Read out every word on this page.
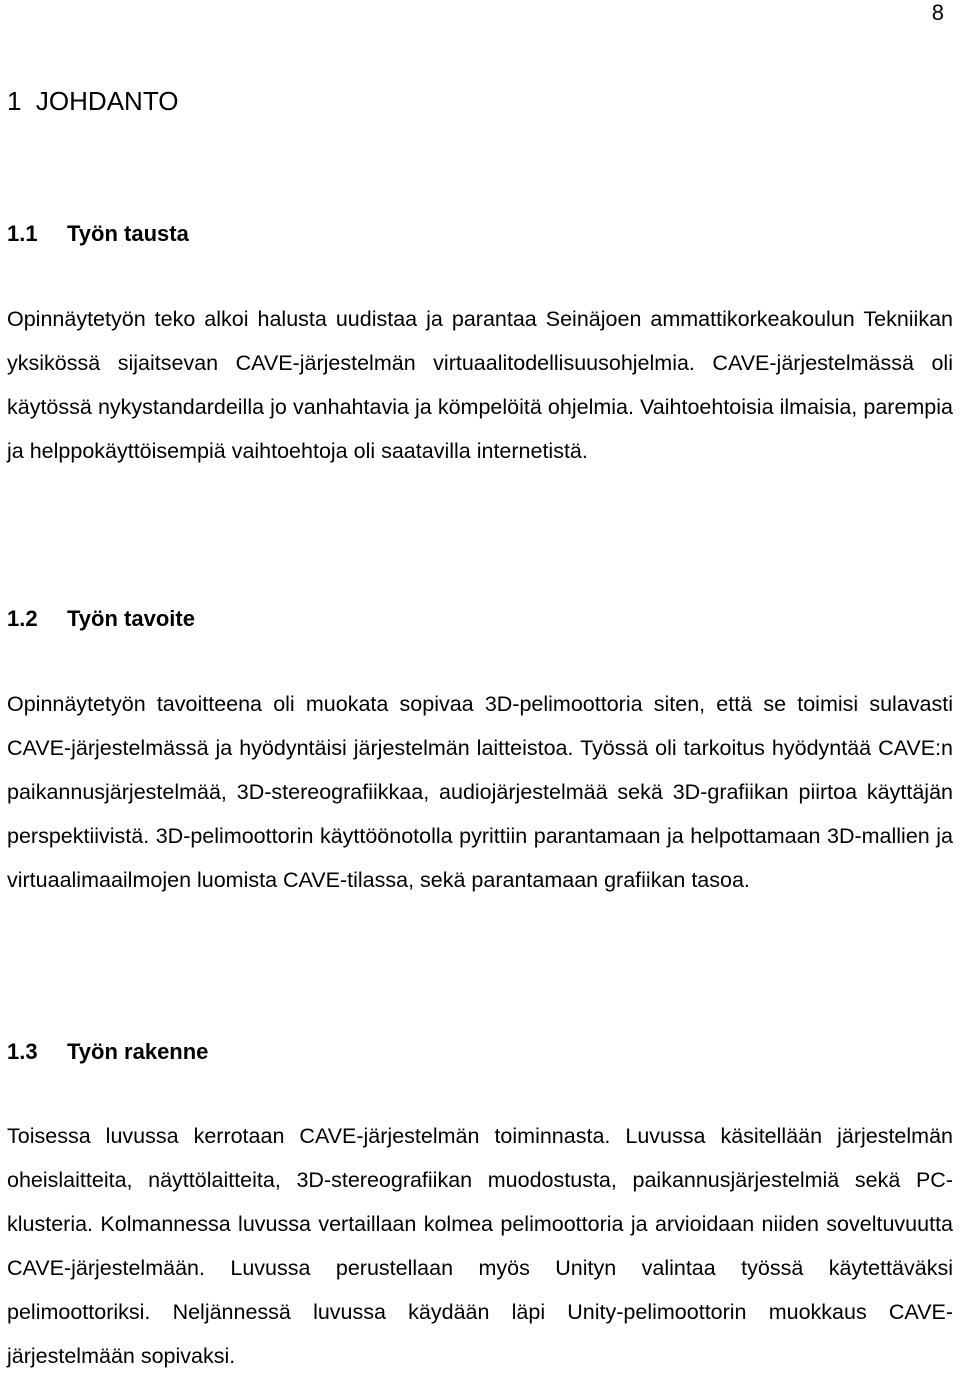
8
1 JOHDANTO
1.1 Työn tausta

Opinnäytetyön teko alkoi halusta uudistaa ja parantaa Seinäjoen ammattikorkeakoulun Tekniikan yksikössä sijaitsevan CAVE-järjestelmän virtuaalitodellisuusohjelmia. CAVE-järjestelmässä oli käytössä nykystandardeilla jo vanhahtavia ja kömpelöitä ohjelmia. Vaihtoehtoisia ilmaisia, parempia ja helppokäyttöisempiä vaihtoehtoja oli saatavilla internetistä.

1.2 Työn tavoite

Opinnäytetyön tavoitteena oli muokata sopivaa 3D-pelimoottoria siten, että se toimisi sulavasti CAVE-järjestelmässä ja hyödyntäisi järjestelmän laitteistoa. Työssä oli tarkoitus hyödyntää CAVE:n paikannusjärjestelmää, 3D-stereografiikkaa, audiojärjestelmää sekä 3D-grafiikan piirtoa käyttäjän perspektiivistä. 3D-pelimoottorin käyttöönotolla pyrittiin parantamaan ja helpottamaan 3D-mallien ja virtuaalimaailmojen luomista CAVE-tilassa, sekä parantamaan grafiikan tasoa.

1.3 Työn rakenne

Toisessa luvussa kerrotaan CAVE-järjestelmän toiminnasta. Luvussa käsitellään järjestelmän oheislaitteita, näyttölaitteita, 3D-stereografiikan muodostusta, paikannusjärjestelmiä sekä PC-klusteria. Kolmannessa luvussa vertaillaan kolmea pelimoottoria ja arvioidaan niiden soveltuvuutta CAVE-järjestelmään. Luvussa perustellaan myös Unityn valintaa työssä käytettäväksi pelimoottoriksi. Neljännessä luvussa käydään läpi Unity-pelimoottorin muokkaus CAVE-järjestelmään sopivaksi.
